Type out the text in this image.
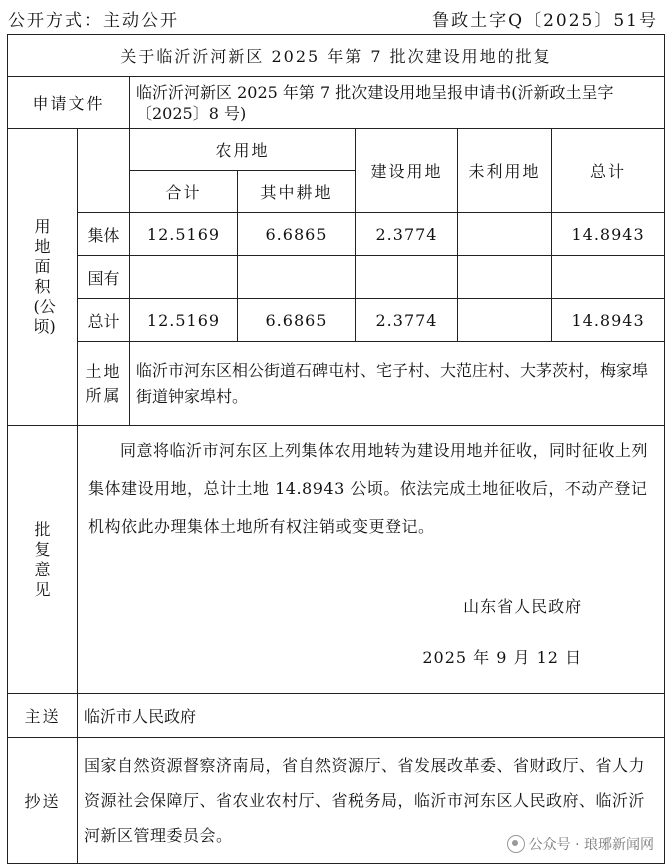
公开方式：主动公开	鲁政土字Q〔2025〕51号
关于临沂沂河新区 2025 年第 7 批次建设用地的批复						
申请文件		临沂沂河新区 2025 年第 7 批次建设用地呈报申请书(沂新政土呈字〔2025〕8 号)				

用地面积(公顷)		农用地		建设用地	未利用地	总计
		合计	其中耕地			
	集体	12.5169	6.6865	2.3774		14.8943
	国有					
	总计	12.5169	6.6865	2.3774		14.8943

	土地所属	临沂市河东区相公街道石碑屯村、宅子村、大范庄村、大茅茨村，梅家埠街道钟家埠村。				

批复意见	同意将临沂市河东区上列集体农用地转为建设用地并征收，同时征收上列集体建设用地，总计土地 14.8943 公顷。依法完成土地征收后，不动产登记机构依此办理集体土地所有权注销或变更登记。
山东省人民政府
2025 年 9 月 12 日					

主送	临沂市人民政府					
抄送	国家自然资源督察济南局，省自然资源厅、省发展改革委、省财政厅、省人力资源社会保障厅、省农业农村厅、省税务局，临沂市河东区人民政府、临沂沂河新区管理委员会。						公众号 · 琅琊新闻网
